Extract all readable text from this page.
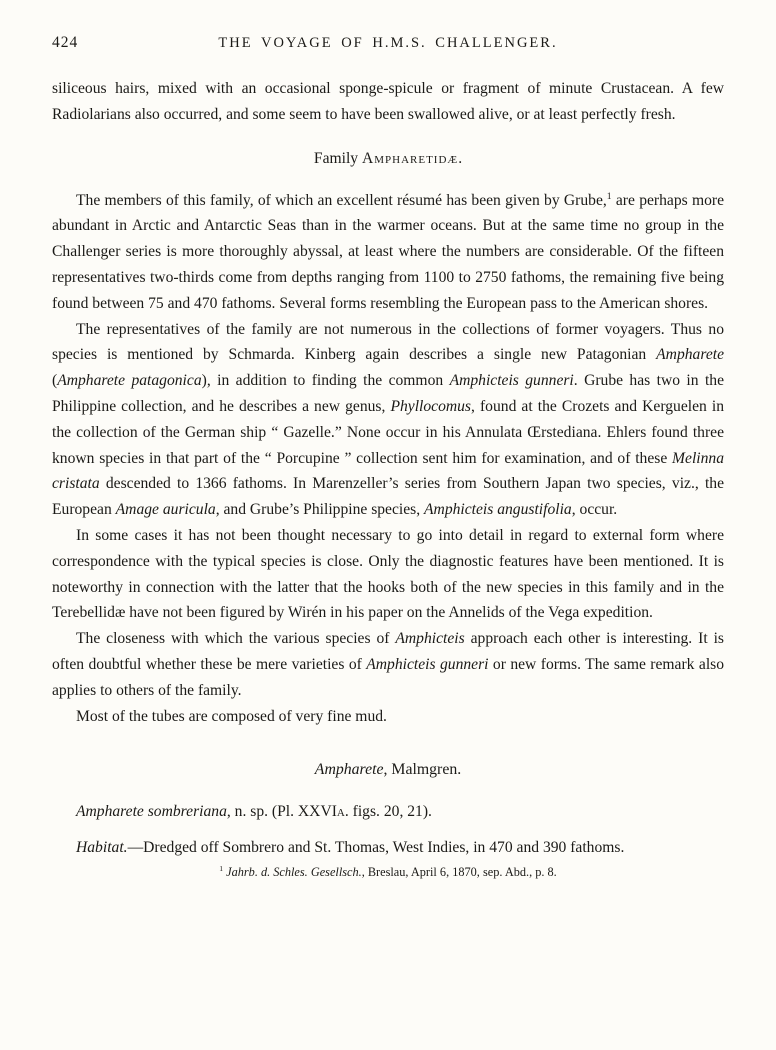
424	THE VOYAGE OF H.M.S. CHALLENGER.

siliceous hairs, mixed with an occasional sponge-spicule or fragment of minute Crustacean. A few Radiolarians also occurred, and some seem to have been swallowed alive, or at least perfectly fresh.

Family Ampharetidæ.

The members of this family, of which an excellent résumé has been given by Grube,$^1$ are perhaps more abundant in Arctic and Antarctic Seas than in the warmer oceans. But at the same time no group in the Challenger series is more thoroughly abyssal, at least where the numbers are considerable. Of the fifteen representatives two-thirds come from depths ranging from 1100 to 2750 fathoms, the remaining five being found between 75 and 470 fathoms. Several forms resembling the European pass to the American shores.

The representatives of the family are not numerous in the collections of former voyagers. Thus no species is mentioned by Schmarda. Kinberg again describes a single new Patagonian Ampharete (Ampharete patagonica), in addition to finding the common Amphicteis gunneri. Grube has two in the Philippine collection, and he describes a new genus, Phyllocomus, found at the Crozets and Kerguelen in the collection of the German ship “ Gazelle.” None occur in his Annulata Œrstediana. Ehlers found three known species in that part of the “ Porcupine ” collection sent him for examination, and of these Melinna cristata descended to 1366 fathoms. In Marenzeller’s series from Southern Japan two species, viz., the European Amage auricula, and Grube’s Philippine species, Amphicteis angustifolia, occur.

In some cases it has not been thought necessary to go into detail in regard to external form where correspondence with the typical species is close. Only the diagnostic features have been mentioned. It is noteworthy in connection with the latter that the hooks both of the new species in this family and in the Terebellidæ have not been figured by Wirén in his paper on the Annelids of the Vega expedition.

The closeness with which the various species of Amphicteis approach each other is interesting. It is often doubtful whether these be mere varieties of Amphicteis gunneri or new forms. The same remark also applies to others of the family.

Most of the tubes are composed of very fine mud.

Ampharete, Malmgren.

Ampharete sombreriana, n. sp. (Pl. XXVIa. figs. 20, 21).

Habitat.—Dredged off Sombrero and St. Thomas, West Indies, in 470 and 390 fathoms.

$^1$ Jahrb. d. Schles. Gesellsch., Breslau, April 6, 1870, sep. Abd., p. 8.
